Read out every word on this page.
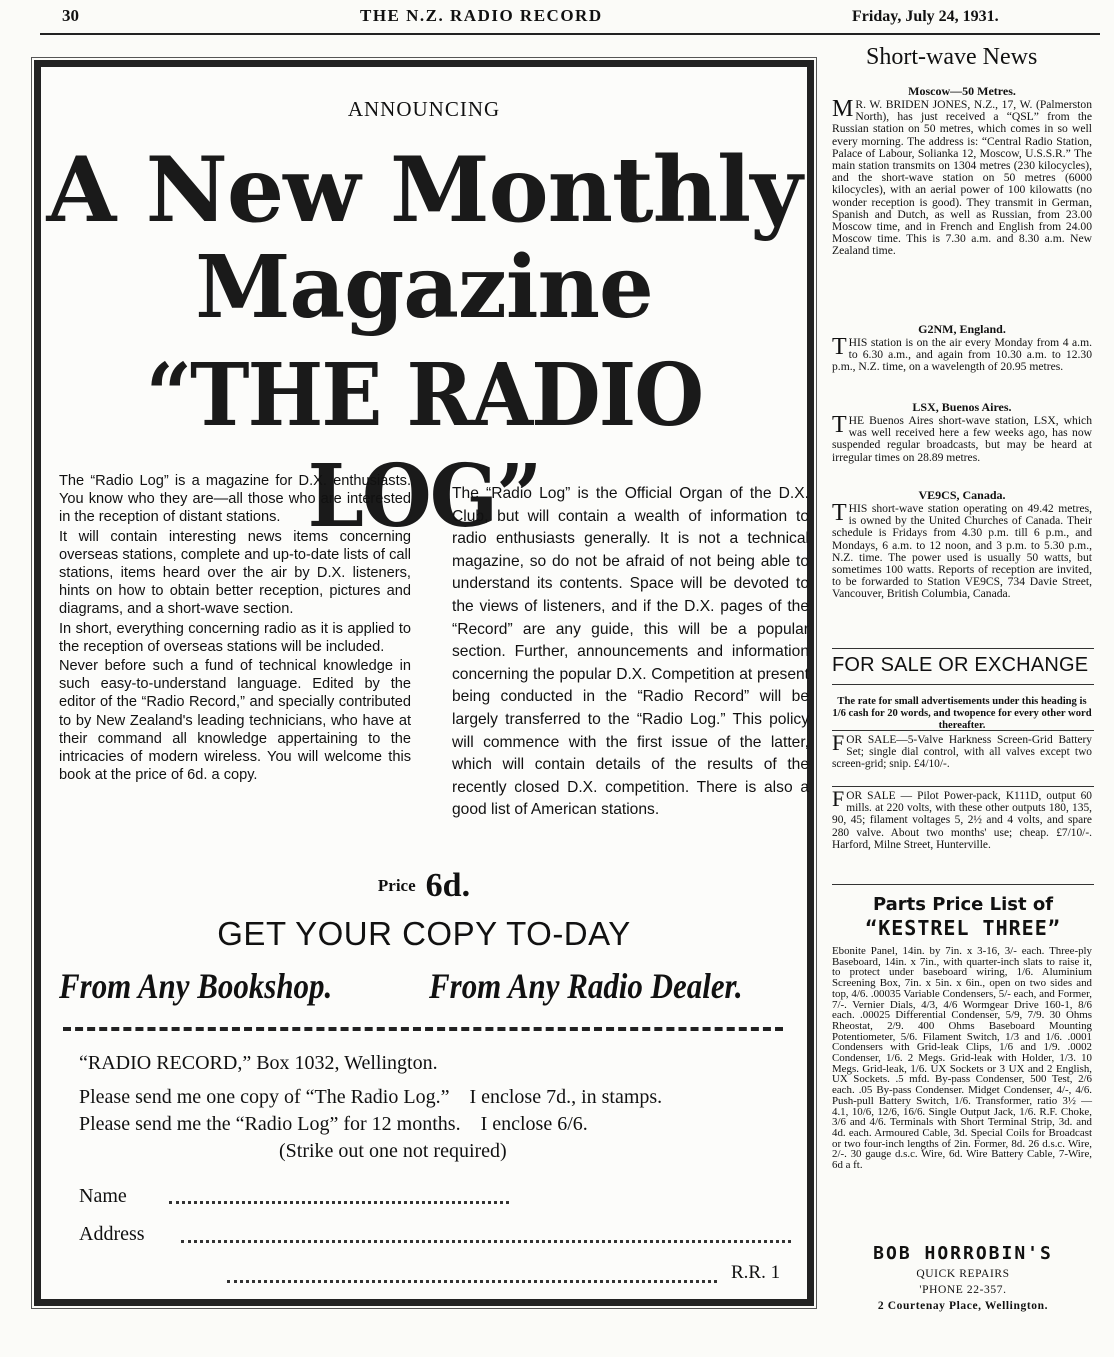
30	THE N.Z. RADIO RECORD	Friday, July 24, 1931.
ANNOUNCING
A New Monthly
Magazine
“THE RADIO LOG”

The “Radio Log” is a magazine for D.X. enthusiasts. You know who they are—all those who are interested in the reception of distant stations.

It will contain interesting news items concerning overseas stations, complete and up-to-date lists of call stations, items heard over the air by D.X. listeners, hints on how to obtain better reception, pictures and diagrams, and a short-wave section.

In short, everything concerning radio as it is applied to the reception of overseas stations will be included.

Never before such a fund of technical knowledge in such easy-to-understand language. Edited by the editor of the “Radio Record,” and specially contributed to by New Zealand's leading technicians, who have at their command all knowledge appertaining to the intricacies of modern wireless. You will welcome this book at the price of 6d. a copy.

The “Radio Log” is the Official Organ of the D.X. Club, but will contain a wealth of information to radio enthusiasts generally. It is not a technical magazine, so do not be afraid of not being able to understand its contents. Space will be devoted to the views of listeners, and if the D.X. pages of the “Record” are any guide, this will be a popular section. Further, announcements and information concerning the popular D.X. Competition at present being conducted in the “Radio Record” will be largely transferred to the “Radio Log.” This policy will commence with the first issue of the latter, which will contain details of the results of the recently closed D.X. competition. There is also a good list of American stations.

Price 6d.
GET YOUR COPY TO-DAY
From Any Bookshop.	From Any Radio Dealer.
“RADIO RECORD,” Box 1032, Wellington.
Please send me one copy of “The Radio Log.”    I enclose 7d., in stamps.
Please send me the “Radio Log” for 12 months.    I enclose 6/6.
(Strike out one not required)
Name
Address
R.R. 1
Short-wave News
Moscow—50 Metres.
MR. W. BRIDEN JONES, N.Z., 17, W. (Palmerston North), has just received a “QSL” from the Russian station on 50 metres, which comes in so well every morning. The address is: “Central Radio Station, Palace of Labour, Solianka 12, Moscow, U.S.S.R.” The main station transmits on 1304 metres (230 kilocycles), and the short-wave station on 50 metres (6000 kilocycles), with an aerial power of 100 kilowatts (no wonder reception is good). They transmit in German, Spanish and Dutch, as well as Russian, from 23.00 Moscow time, and in French and English from 24.00 Moscow time. This is 7.30 a.m. and 8.30 a.m. New Zealand time.
G2NM, England.
THIS station is on the air every Monday from 4 a.m. to 6.30 a.m., and again from 10.30 a.m. to 12.30 p.m., N.Z. time, on a wavelength of 20.95 metres.
LSX, Buenos Aires.
THE Buenos Aires short-wave station, LSX, which was well received here a few weeks ago, has now suspended regular broadcasts, but may be heard at irregular times on 28.89 metres.
VE9CS, Canada.
THIS short-wave station operating on 49.42 metres, is owned by the United Churches of Canada. Their schedule is Fridays from 4.30 p.m. till 6 p.m., and Mondays, 6 a.m. to 12 noon, and 3 p.m. to 5.30 p.m., N.Z. time. The power used is usually 50 watts, but sometimes 100 watts. Reports of reception are invited, to be forwarded to Station VE9CS, 734 Davie Street, Vancouver, British Columbia, Canada.
FOR SALE OR EXCHANGE
The rate for small advertisements under this heading is 1/6 cash for 20 words, and twopence for every other word thereafter.
FOR SALE—5-Valve Harkness Screen-Grid Battery Set; single dial control, with all valves except two screen-grid; snip. £4/10/-.
FOR SALE — Pilot Power-pack, K111D, output 60 mills. at 220 volts, with these other outputs 180, 135, 90, 45; filament voltages 5, 2½ and 4 volts, and spare 280 valve. About two months' use; cheap. £7/10/-. Harford, Milne Street, Hunterville.
Parts Price List of
“KESTREL THREE”
Ebonite Panel, 14in. by 7in. x 3-16, 3/- each. Three-ply Baseboard, 14in. x 7in., with quarter-inch slats to raise it, to protect under baseboard wiring, 1/6. Aluminium Screening Box, 7in. x 5in. x 6in., open on two sides and top, 4/6. .00035 Variable Condensers, 5/- each, and Former, 7/-. Vernier Dials, 4/3, 4/6 Wormgear Drive 160-1, 8/6 each. .00025 Differential Condenser, 5/9, 7/9. 30 Ohms Rheostat, 2/9. 400 Ohms Baseboard Mounting Potentiometer, 5/6. Filament Switch, 1/3 and 1/6. .0001 Condensers with Grid-leak Clips, 1/6 and 1/9. .0002 Condenser, 1/6. 2 Megs. Grid-leak with Holder, 1/3. 10 Megs. Grid-leak, 1/6. UX Sockets or 3 UX and 2 English, UX Sockets. .5 mfd. By-pass Condenser, 500 Test, 2/6 each. .05 By-pass Condenser. Midget Condenser, 4/-, 4/6. Push-pull Battery Switch, 1/6. Transformer, ratio 3½ — 4.1, 10/6, 12/6, 16/6. Single Output Jack, 1/6. R.F. Choke, 3/6 and 4/6. Terminals with Short Terminal Strip, 3d. and 4d. each. Armoured Cable, 3d. Special Coils for Broadcast or two four-inch lengths of 2in. Former, 8d. 26 d.s.c. Wire, 2/-. 30 gauge d.s.c. Wire, 6d. Wire Battery Cable, 7-Wire, 6d a ft.
BOB HORROBIN'S
QUICK REPAIRS
'PHONE 22-357.
2 Courtenay Place, Wellington.
